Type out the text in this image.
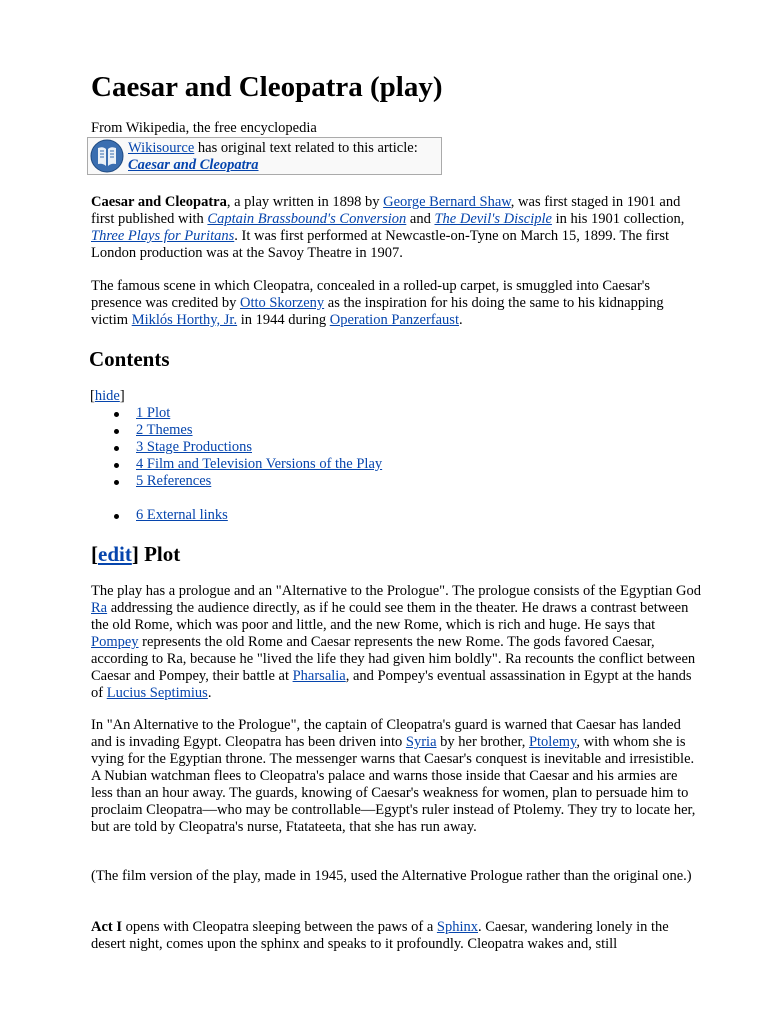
Caesar and Cleopatra (play)
From Wikipedia, the free encyclopedia
Wikisource has original text related to this article:
Caesar and Cleopatra

Caesar and Cleopatra, a play written in 1898 by George Bernard Shaw, was first staged in 1901 and first published with Captain Brassbound's Conversion and The Devil's Disciple in his 1901 collection, Three Plays for Puritans. It was first performed at Newcastle-on-Tyne on March 15, 1899. The first London production was at the Savoy Theatre in 1907.

The famous scene in which Cleopatra, concealed in a rolled-up carpet, is smuggled into Caesar's presence was credited by Otto Skorzeny as the inspiration for his doing the same to his kidnapping victim Miklós Horthy, Jr. in 1944 during Operation Panzerfaust.

Contents
[hide]
1 Plot
2 Themes
3 Stage Productions
4 Film and Television Versions of the Play
5 References
6 External links
[edit] Plot

The play has a prologue and an "Alternative to the Prologue". The prologue consists of the Egyptian God Ra addressing the audience directly, as if he could see them in the theater. He draws a contrast between the old Rome, which was poor and little, and the new Rome, which is rich and huge. He says that Pompey represents the old Rome and Caesar represents the new Rome. The gods favored Caesar, according to Ra, because he "lived the life they had given him boldly". Ra recounts the conflict between Caesar and Pompey, their battle at Pharsalia, and Pompey's eventual assassination in Egypt at the hands of Lucius Septimius.

In "An Alternative to the Prologue", the captain of Cleopatra's guard is warned that Caesar has landed and is invading Egypt. Cleopatra has been driven into Syria by her brother, Ptolemy, with whom she is vying for the Egyptian throne. The messenger warns that Caesar's conquest is inevitable and irresistible. A Nubian watchman flees to Cleopatra's palace and warns those inside that Caesar and his armies are less than an hour away. The guards, knowing of Caesar's weakness for women, plan to persuade him to proclaim Cleopatra—who may be controllable—Egypt's ruler instead of Ptolemy. They try to locate her, but are told by Cleopatra's nurse, Ftatateeta, that she has run away.

(The film version of the play, made in 1945, used the Alternative Prologue rather than the original one.)

Act I opens with Cleopatra sleeping between the paws of a Sphinx. Caesar, wandering lonely in the desert night, comes upon the sphinx and speaks to it profoundly. Cleopatra wakes and, still
